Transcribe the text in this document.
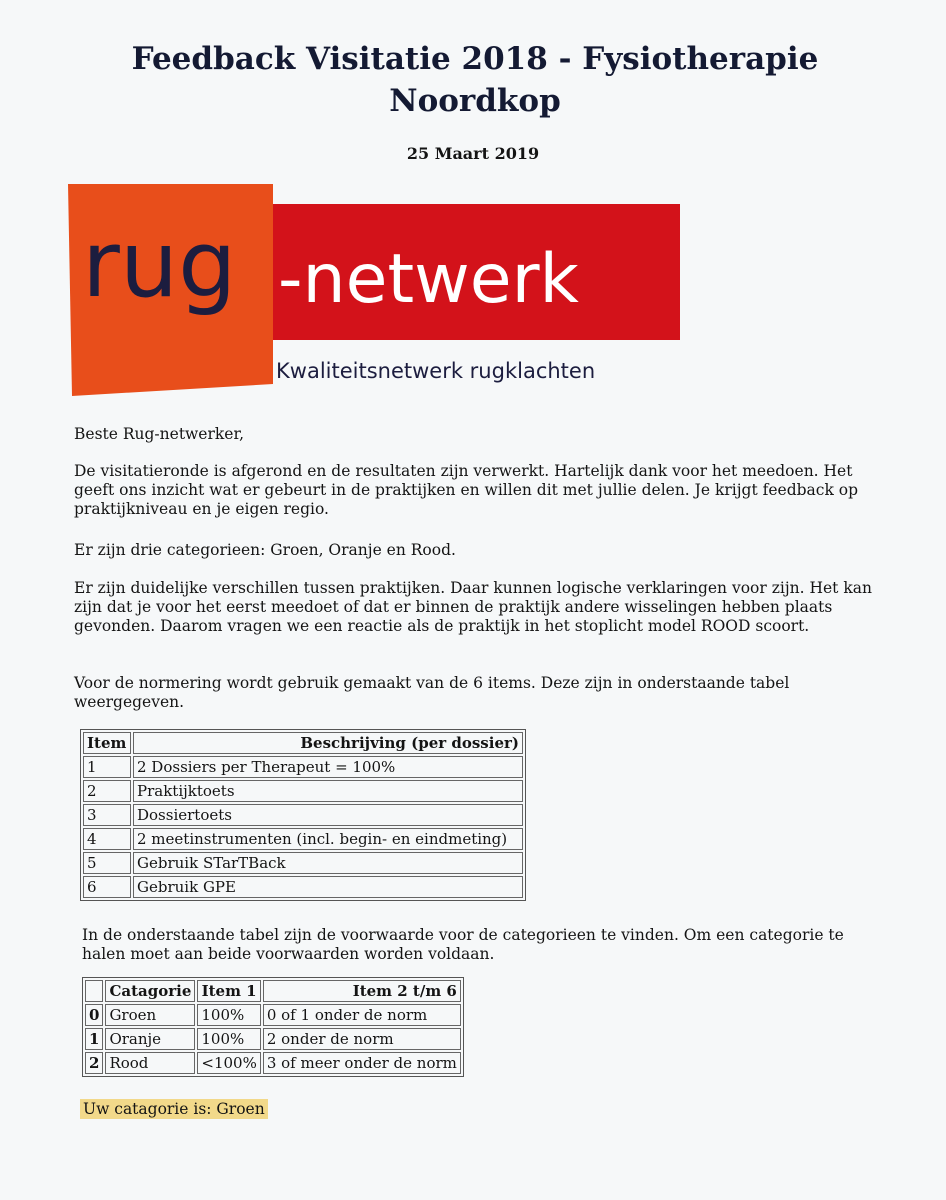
Feedback Visitatie 2018 - Fysiotherapie Noordkop
25 Maart 2019
rug -netwerk
Kwaliteitsnetwerk rugklachten

Beste Rug-netwerker,

De visitatieronde is afgerond en de resultaten zijn verwerkt. Hartelijk dank voor het meedoen. Het geeft ons inzicht wat er gebeurt in de praktijken en willen dit met jullie delen. Je krijgt feedback op praktijkniveau en je eigen regio.

Er zijn drie categorieen: Groen, Oranje en Rood.

Er zijn duidelijke verschillen tussen praktijken. Daar kunnen logische verklaringen voor zijn. Het kan zijn dat je voor het eerst meedoet of dat er binnen de praktijk andere wisselingen hebben plaats gevonden. Daarom vragen we een reactie als de praktijk in het stoplicht model ROOD scoort.

Voor de normering wordt gebruik gemaakt van de 6 items. Deze zijn in onderstaande tabel weergegeven.

Item	Beschrijving (per dossier)
1	2 Dossiers per Therapeut = 100%
2	Praktijktoets
3	Dossiertoets
4	2 meetinstrumenten (incl. begin- en eindmeting)
5	Gebruik STarTBack
6	Gebruik GPE

In de onderstaande tabel zijn de voorwaarde voor de categorieen te vinden. Om een categorie te halen moet aan beide voorwaarden worden voldaan.

	Catagorie	Item 1	Item 2 t/m 6
0	Groen	100%	0 of 1 onder de norm
1	Oranje	100%	2 onder de norm
2	Rood	<100%	3 of meer onder de norm
Uw catagorie is: Groen
